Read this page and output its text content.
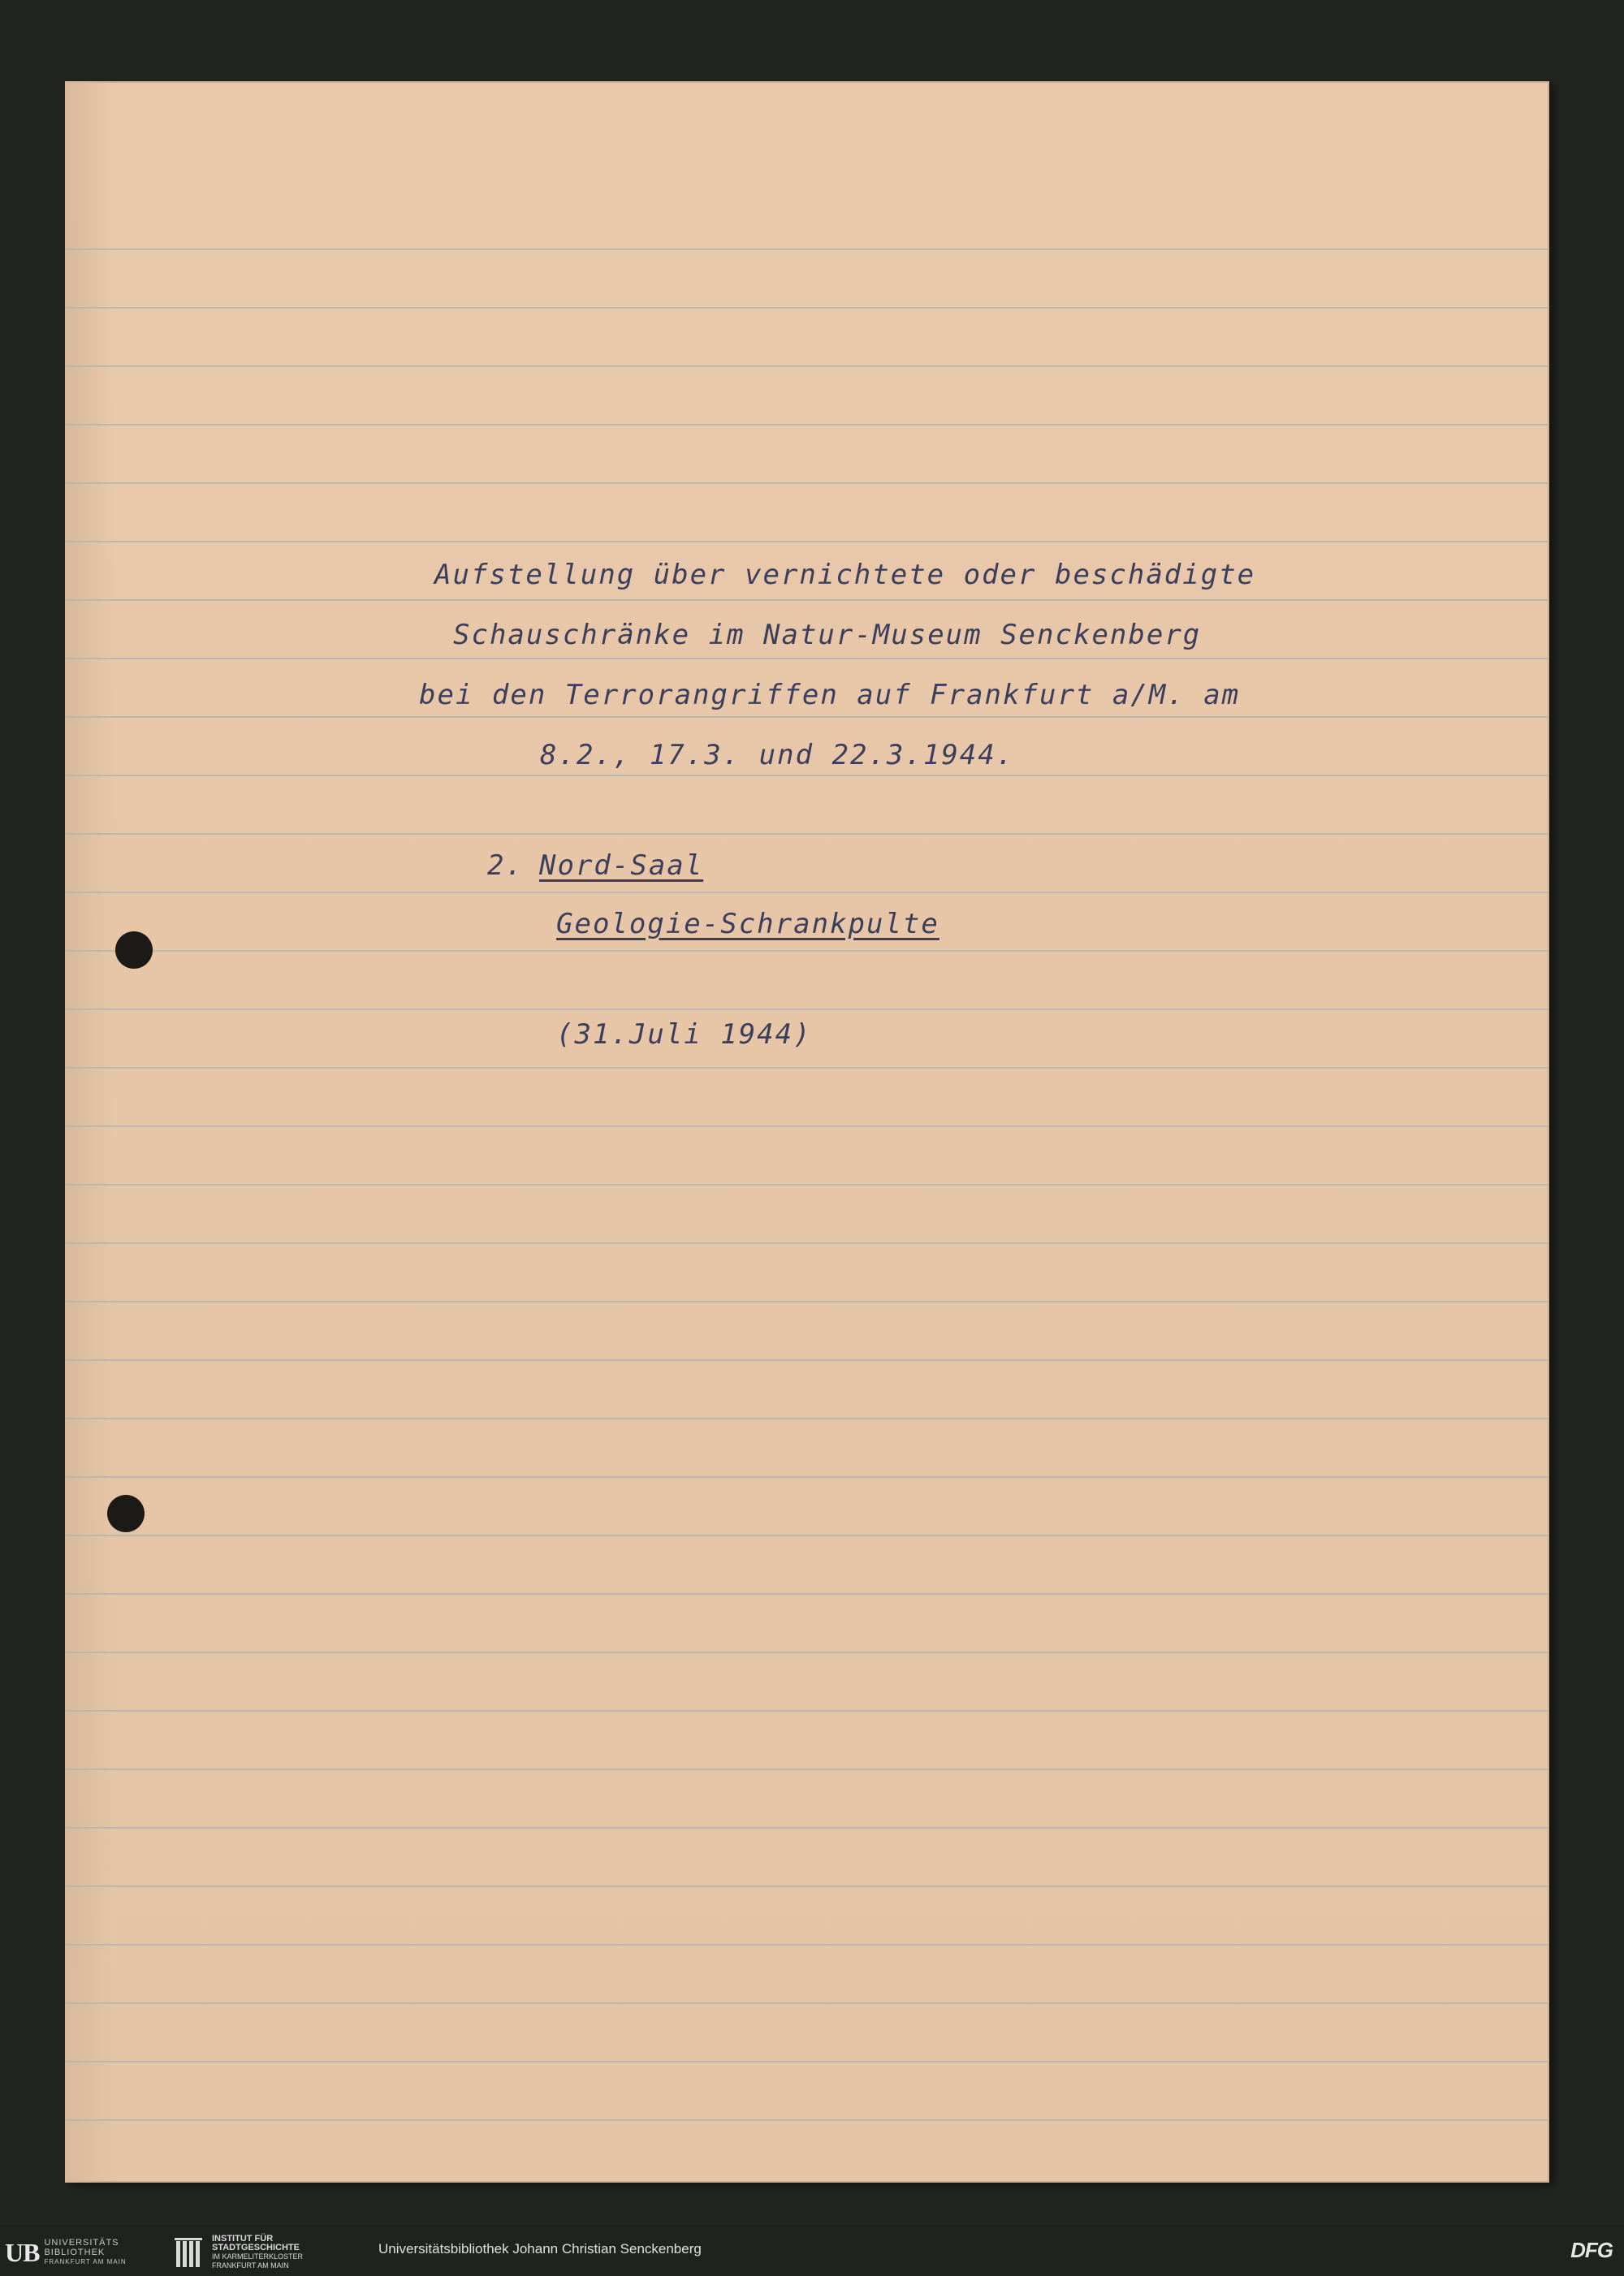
Aufstellung über vernichtete oder beschädigte
Schauschränke im Natur-Museum Senckenberg
bei den Terrorangriffen auf Frankfurt a/M. am
8.2., 17.3. und 22.3.1944.
2. Nord-Saal
Geologie-Schrankpulte
(31.Juli 1944)
UB UNIVERSITÄTS
BIBLIOTHEK
FRANKFURT AM MAIN
INSTITUT FÜR
STADTGESCHICHTE
IM KARMELITERKLOSTER
FRANKFURT AM MAIN
Universitätsbibliothek Johann Christian Senckenberg	DFG
